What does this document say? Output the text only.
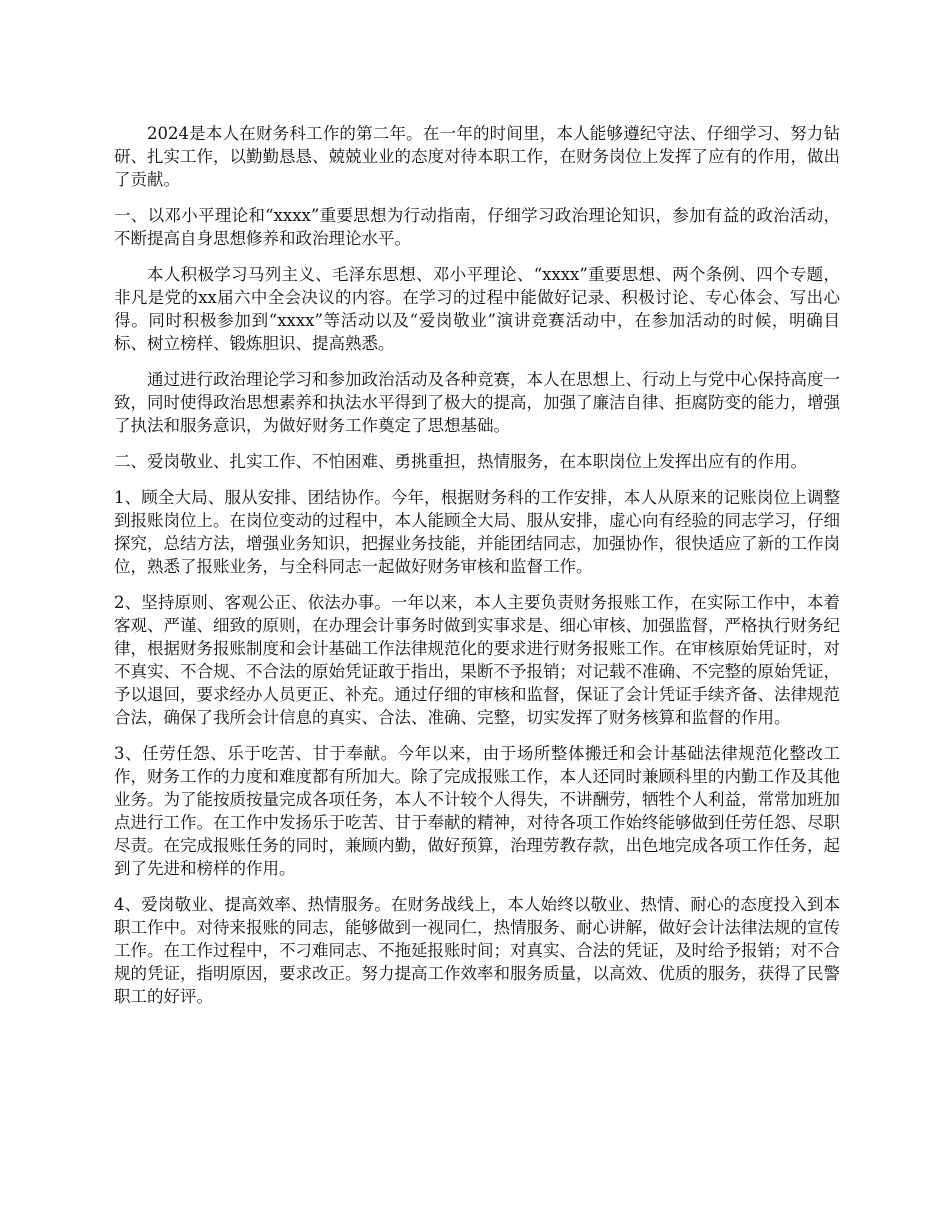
2024是本人在财务科工作的第二年。在一年的时间里，本人能够遵纪守法、仔细学习、努力钻研、扎实工作，以勤勤恳恳、兢兢业业的态度对待本职工作，在财务岗位上发挥了应有的作用，做出了贡献。

一、以邓小平理论和“xxxx”重要思想为行动指南，仔细学习政治理论知识，参加有益的政治活动，不断提高自身思想修养和政治理论水平。

本人积极学习马列主义、毛泽东思想、邓小平理论、“xxxx”重要思想、两个条例、四个专题，非凡是党的xx届六中全会决议的内容。在学习的过程中能做好记录、积极讨论、专心体会、写出心得。同时积极参加到“xxxx”等活动以及“爱岗敬业”演讲竞赛活动中，在参加活动的时候，明确目标、树立榜样、锻炼胆识、提高熟悉。

通过进行政治理论学习和参加政治活动及各种竞赛，本人在思想上、行动上与党中心保持高度一致，同时使得政治思想素养和执法水平得到了极大的提高，加强了廉洁自律、拒腐防变的能力，增强了执法和服务意识，为做好财务工作奠定了思想基础。

二、爱岗敬业、扎实工作、不怕困难、勇挑重担，热情服务，在本职岗位上发挥出应有的作用。

1、顾全大局、服从安排、团结协作。今年，根据财务科的工作安排，本人从原来的记账岗位上调整到报账岗位上。在岗位变动的过程中，本人能顾全大局、服从安排，虚心向有经验的同志学习，仔细探究，总结方法，增强业务知识，把握业务技能，并能团结同志，加强协作，很快适应了新的工作岗位，熟悉了报账业务，与全科同志一起做好财务审核和监督工作。

2、坚持原则、客观公正、依法办事。一年以来，本人主要负责财务报账工作，在实际工作中，本着客观、严谨、细致的原则，在办理会计事务时做到实事求是、细心审核、加强监督，严格执行财务纪律，根据财务报账制度和会计基础工作法律规范化的要求进行财务报账工作。在审核原始凭证时，对不真实、不合规、不合法的原始凭证敢于指出，果断不予报销；对记载不准确、不完整的原始凭证，予以退回，要求经办人员更正、补充。通过仔细的审核和监督，保证了会计凭证手续齐备、法律规范合法，确保了我所会计信息的真实、合法、准确、完整，切实发挥了财务核算和监督的作用。

3、任劳任怨、乐于吃苦、甘于奉献。今年以来，由于场所整体搬迁和会计基础法律规范化整改工作，财务工作的力度和难度都有所加大。除了完成报账工作，本人还同时兼顾科里的内勤工作及其他业务。为了能按质按量完成各项任务，本人不计较个人得失，不讲酬劳，牺牲个人利益，常常加班加点进行工作。在工作中发扬乐于吃苦、甘于奉献的精神，对待各项工作始终能够做到任劳任怨、尽职尽责。在完成报账任务的同时，兼顾内勤，做好预算，治理劳教存款，出色地完成各项工作任务，起到了先进和榜样的作用。

4、爱岗敬业、提高效率、热情服务。在财务战线上，本人始终以敬业、热情、耐心的态度投入到本职工作中。对待来报账的同志，能够做到一视同仁，热情服务、耐心讲解，做好会计法律法规的宣传工作。在工作过程中，不刁难同志、不拖延报账时间；对真实、合法的凭证，及时给予报销；对不合规的凭证，指明原因，要求改正。努力提高工作效率和服务质量，以高效、优质的服务，获得了民警职工的好评。
